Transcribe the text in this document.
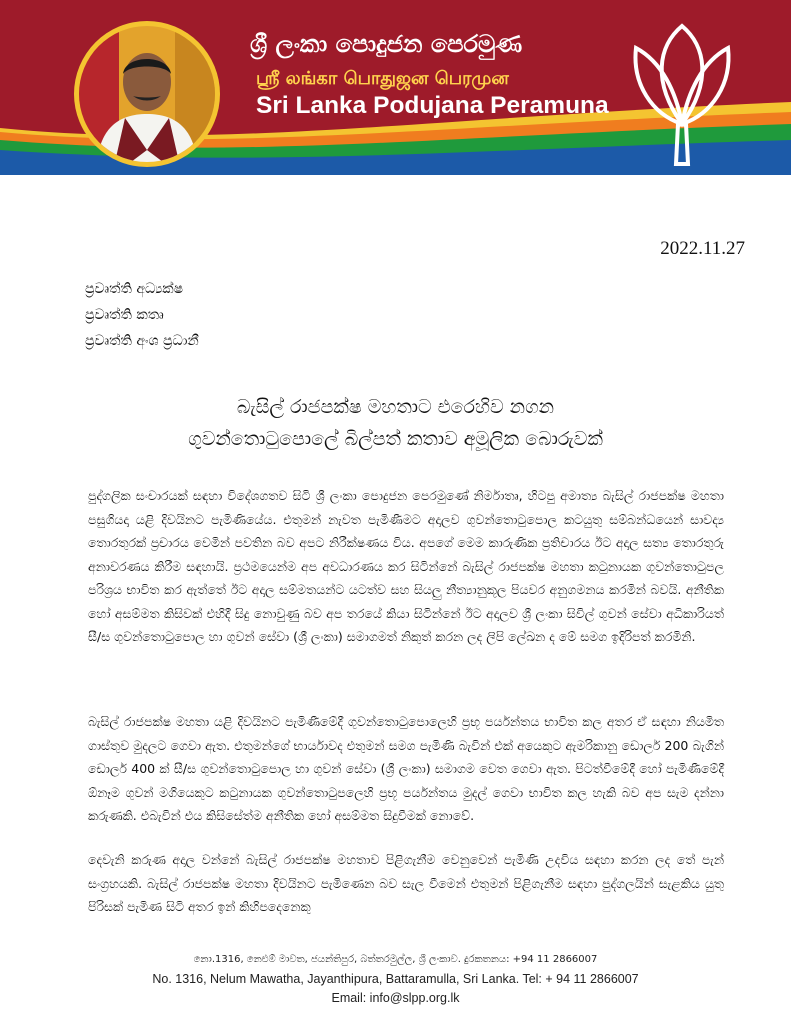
ශ්‍රී ලංකා පොදුජන පෙරමුණ
ஸ்ரீ லங்கா பொதுஜன பெரமுன
Sri Lanka Podujana Peramuna
2022.11.27
ප්‍රවෘත්ති අධ්‍යක්ෂ
ප්‍රවෘත්ති කතෘ
ප්‍රවෘත්ති අංශ ප්‍රධානී
බැසිල් රාජපක්ෂ මහතාට එරෙහිව නගන
ගුවන්තොටුපොලේ බිල්පත් කතාව අමූලික බොරුවක්

පුද්ගලික සංචාරයක් සඳහා විදේශගතව සිටි ශ්‍රී ලංකා පොදුජන පෙරමුණේ නිර්මාතෘ, හිටපු අමාත්‍ය බැසිල් රාජපක්ෂ මහතා පසුගියදා යළි දිවයිනට පැමිණියේය. එතුමන් නැවත පැමිණීමට අදාලව ගුවන්තොටුපොල කටයුතු සම්බන්ධයෙන් සාවද්‍ය තොරතුරක් ප්‍රචාරය වෙමින් පවතින බව අපට නිරීක්ෂණය විය. අපගේ මෙම කාරුණික ප්‍රතිචාරය ඊට අදාල සත්‍ය තොරතුරු අනාවරණය කිරීම සඳහායි. ප්‍රථමයෙන්ම අප අවධාරණය කර සිටින්නේ බැසිල් රාජපක්ෂ මහතා කටුනායක ගුවන්තොටුපල පරිශ්‍රය භාවිත කර ඇත්තේ ඊට අදාල සම්මතයන්ට යටත්ව සහ සියලු නීත්‍යානුකූල පියවර අනුගමනය කරමින් බවයි. අනීතික හෝ අසම්මත කිසිවක් එහිදී සිදු නොවුණු බව අප තරයේ කියා සිටින්නේ ඊට අදාලව ශ්‍රී ලංකා සිවිල් ගුවන් සේවා අධිකාරියත් සී/ස ගුවන්තොටුපොල හා ගුවන් සේවා (ශ්‍රී ලංකා) සමාගමත් නිකුත් කරන ලද ලිපි ලේඛන ද මේ සමග ඉදිරිපත් කරමිනි.

බැසිල් රාජපක්ෂ මහතා යළි දිවයිනට පැමිණීමේදී ගුවන්තොටුපොලෙහි ප්‍රභූ පර්යන්තය භාවිත කල අතර ඒ සඳහා නියමිත ගාස්තුව මුදලට ගෙවා ඇත. එතුමන්ගේ භාර්යාවද එතුමන් සමග පැමිණි බැවින් එක් අයෙකුට ඇමරිකානු ඩොලර් 200 බැගින් ඩොලර් 400 ක් සී/ස ගුවන්තොටුපොල හා ගුවන් සේවා (ශ්‍රී ලංකා) සමාගම වෙත ගෙවා ඇත. පිටත්වීමේදී හෝ පැමිණීමේදී ඕනෑම ගුවන් මගියෙකුට කටුනායක ගුවන්තොටුපලෙහි ප්‍රභූ පර්යන්තය මුදල් ගෙවා භාවිත කල හැකි බව අප සැම දන්නා කරුණකි. එබැවින් එය කිසිසේත්ම අනීතික හෝ අසම්මත සිදුවීමක් නොවේ.

දෙවැනි කරුණ අදාල වන්නේ බැසිල් රාජපක්ෂ මහතාව පිළිගැනීම වෙනුවෙන් පැමිණි උදවිය සඳහා කරන ලද තේ පැන් සංග්‍රහයකි. බැසිල් රාජපක්ෂ මහතා දිවයිනට පැමිණෙන බව සැල වීමෙන් එතුමන් පිළිගැනීම සඳහා පුද්ගලයින් සැළකිය යුතු පිරිසක් පැමිණ සිටි අතර ඉන් කිහිපදෙනෙකු

නො.1316, නෙළුම් මාවත, ජයන්තිපුර, බත්තරමුල්ල, ශ්‍රී ලංකාව. දුරකතනය: +94 11 2866007
No. 1316, Nelum Mawatha, Jayanthipura, Battaramulla, Sri Lanka. Tel: + 94 11 2866007
Email: info@slpp.org.lk
